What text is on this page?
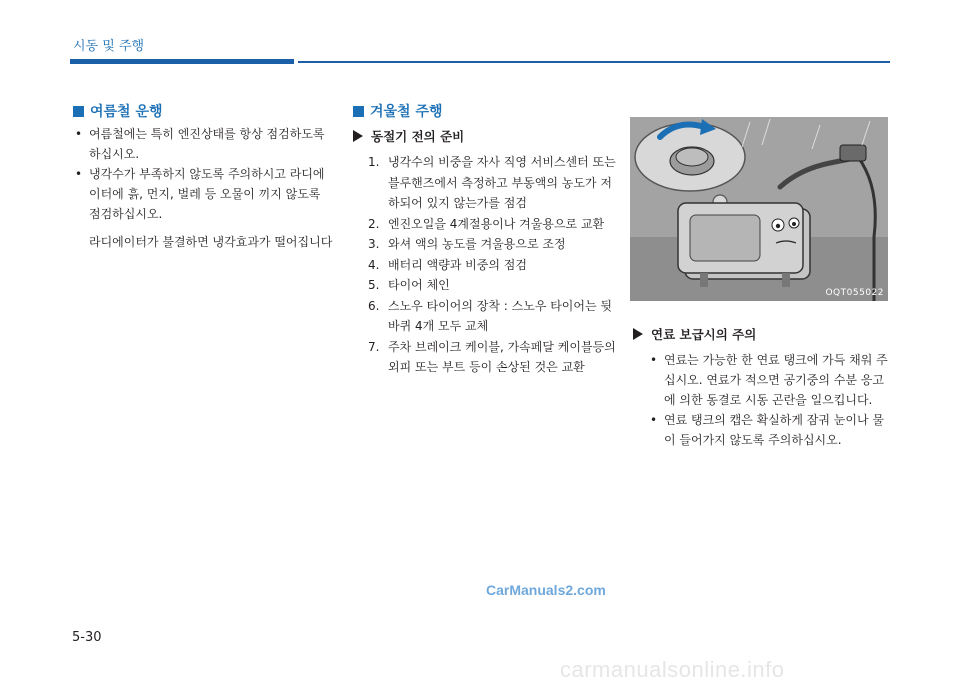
시동 및 주행
여름철 운행
• 여름철에는 특히 엔진상태를 항상 점검하도록 하십시오.
• 냉각수가 부족하지 않도록 주의하시고 라디에이터에 흙, 먼지, 벌레 등 오물이 끼지 않도록 점검하십시오.
라디에이터가 불결하면 냉각효과가 떨어집니다
겨울철 주행
동절기 전의 준비
1. 냉각수의 비중을 자사 직영 서비스센터 또는 블루핸즈에서 측정하고 부동액의 농도가 저하되어 있지 않는가를 점검
2. 엔진오일을 4계절용이나 겨울용으로 교환
3. 와셔 액의 농도를 겨울용으로 조정
4. 배터리 액량과 비중의 점검
5. 타이어 체인
6. 스노우 타이어의 장착 : 스노우 타이어는 뒷바퀴 4개 모두 교체
7. 주차 브레이크 케이블, 가속페달 케이블등의 외피 또는 부트 등이 손상된 것은 교환
OQT055022
연료 보급시의 주의
• 연료는 가능한 한 연료 탱크에 가득 채워 주십시오. 연료가 적으면 공기중의 수분 응고에 의한 동결로 시동 곤란을 일으킵니다.
• 연료 탱크의 캡은 확실하게 잠궈 눈이나 물이 들어가지 않도록 주의하십시오.
CarManuals2.com
5-30
carmanualsonline.info
